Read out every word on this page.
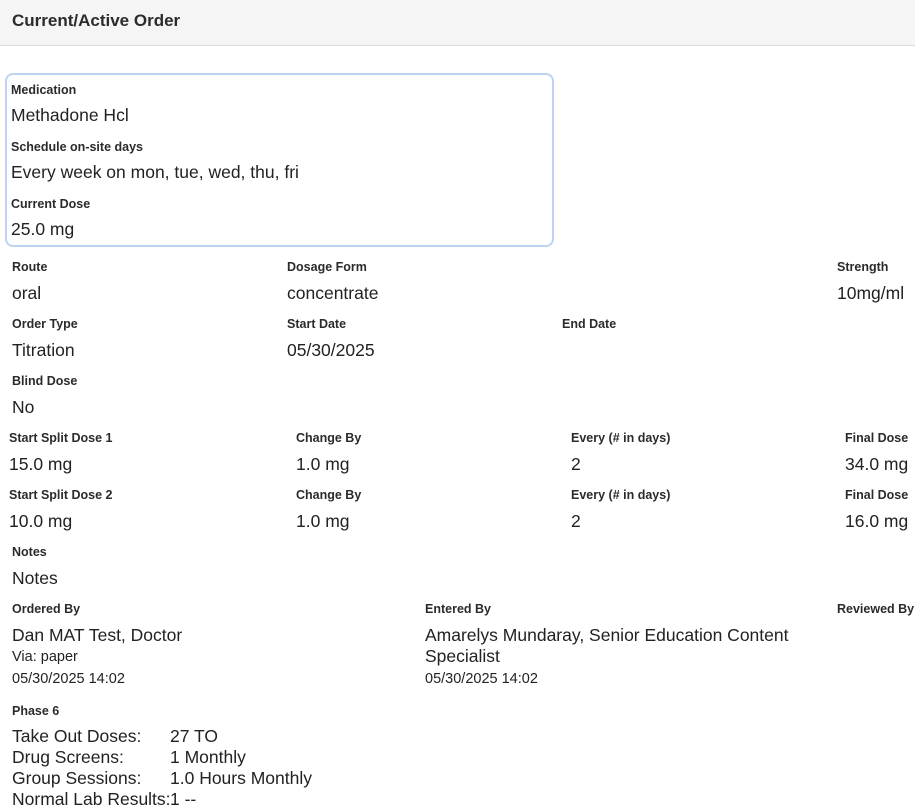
Current/Active Order
Medication
Methadone Hcl
Schedule on-site days
Every week on mon, tue, wed, thu, fri
Current Dose
25.0 mg
Route
oral
Dosage Form
concentrate
Strength
10mg/ml
Order Type
Titration
Start Date
05/30/2025
End Date
Blind Dose
No
Start Split Dose 1
15.0 mg
Change By
1.0 mg
Every (# in days)
2
Final Dose
34.0 mg
Start Split Dose 2
10.0 mg
Change By
1.0 mg
Every (# in days)
2
Final Dose
16.0 mg
Notes
Notes
Ordered By
Dan MAT Test, Doctor
Via: paper
05/30/2025 14:02
Entered By
Amarelys Mundaray, Senior Education Content Specialist
05/30/2025 14:02
Reviewed By
Phase 6
Take Out Doses: 27 TO
Drug Screens:	1 Monthly
Group Sessions: 1.0 Hours Monthly
Normal Lab Results: 1 --
